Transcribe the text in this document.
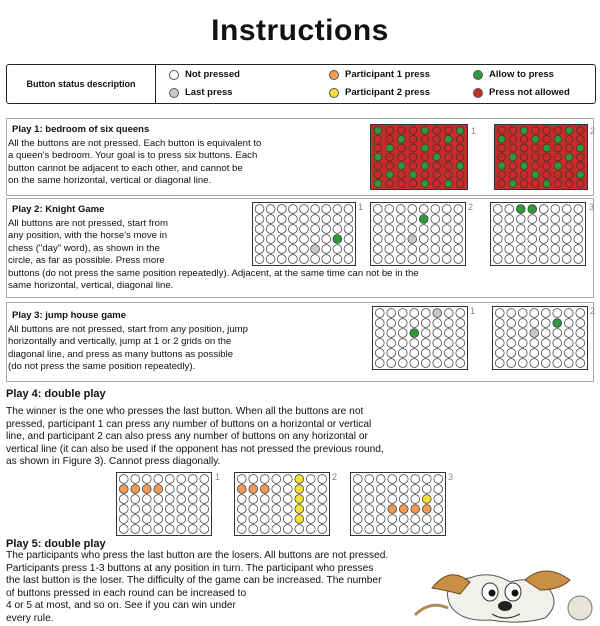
Instructions
Button status description
Not pressed
Last press
Participant 1 press
Participant 2 press
Allow to press
Press not allowed
Play 1: bedroom of six queens
All the buttons are not pressed. Each button is equivalent to
a queen's bedroom. Your goal is to press six buttons. Each
button cannot be adjacent to each other, and cannot be
on the same horizontal, vertical or diagonal line.
1	2
Play 2: Knight Game
All buttons are not pressed, start from
any position, with the horse's move in
chess ("day" word), as shown in the
circle, as far as possible. Press more
buttons (do not press the same position repeatedly). Adjacent, at the same time can not be in the
same horizontal, vertical, diagonal line.
1	2	3
Play 3: jump house game
All buttons are not pressed, start from any position, jump
horizontally and vertically, jump at 1 or 2 grids on the
diagonal line, and press as many buttons as possible
(do not press the same position repeatedly).
1	2
Play 4: double play
The winner is the one who presses the last button. When all the buttons are not
pressed, participant 1 can press any number of buttons on a horizontal or vertical
line, and participant 2 can also press any number of buttons on any horizontal or
vertical line (it can also be used if the opponent has not pressed the previous round,
as shown in Figure 3). Cannot press diagonally.
1	2	3
Play 5: double play
The participants who press the last button are the losers. All buttons are not pressed.
Participants press 1-3 buttons at any position in turn. The participant who presses
the last button is the loser. The difficulty of the game can be increased. The number
of buttons pressed in each round can be increased to
4 or 5 at most, and so on. See if you can win under
every rule.
